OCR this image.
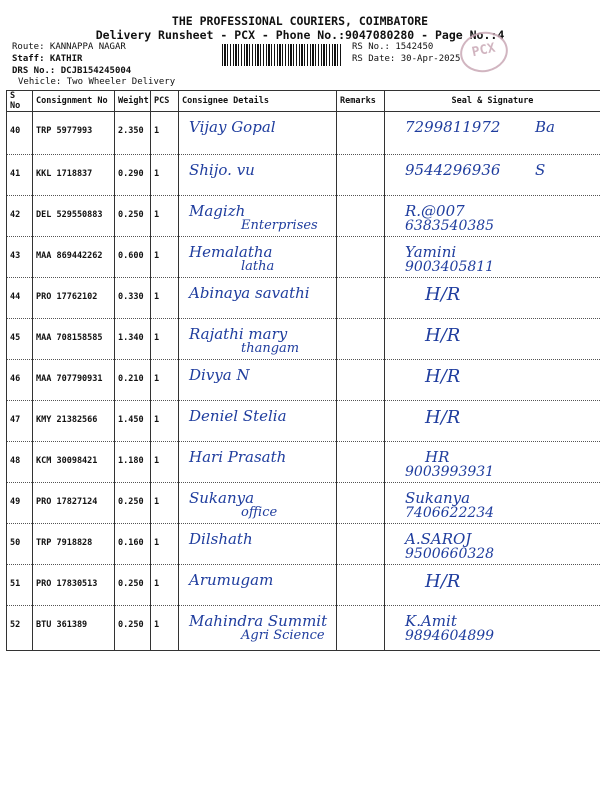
THE PROFESSIONAL COURIERS, COIMBATORE
Delivery Runsheet - PCX - Phone No.:9047080280 - Page No.:4
Route: KANNAPPA NAGAR
Staff: KATHIR
DRS No.: DCJB154245004
Vehicle: Two Wheeler Delivery
RS No.: 1542450
RS Date: 30-Apr-2025 PCX
S No	Consignment No	Weight	PCS	Consignee Details	Remarks	Seal & Signature
40	TRP 5977993	2.350	1	Vijay Gopal		7299811972 Ba

41	KKL 1718837	0.290	1	Shijo. vu		9544296936 S

42	DEL 529550883	0.250	1	Magizh
Enterprises		R.@007
6383540385

43	MAA 869442262	0.600	1	Hemalatha
latha		Yamini
9003405811

44	PRO 17762102	0.330	1	Abinaya savathi		H/R

45	MAA 708158585	1.340	1	Rajathi mary
thangam		H/R

46	MAA 707790931	0.210	1	Divya N		H/R

47	KMY 21382566	1.450	1	Deniel Stelia		H/R

48	KCM 30098421	1.180	1	Hari Prasath		HR
9003993931

49	PRO 17827124	0.250	1	Sukanya
office		Sukanya
7406622234

50	TRP 7918828	0.160	1	Dilshath		A.SAROJ
9500660328

51	PRO 17830513	0.250	1	Arumugam		H/R

52	BTU 361389	0.250	1	Mahindra Summit
Agri Science		K.Amit
9894604899
